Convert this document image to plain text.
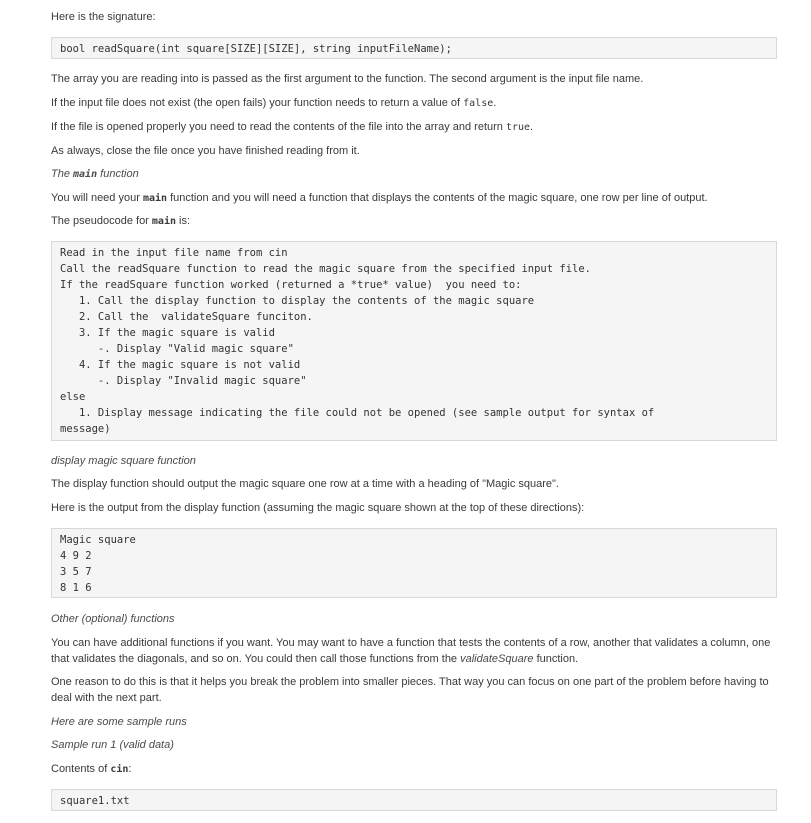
Here is the signature:

bool readSquare(int square[SIZE][SIZE], string inputFileName);

The array you are reading into is passed as the first argument to the function. The second argument is the input file name.

If the input file does not exist (the open fails) your function needs to return a value of false.

If the file is opened properly you need to read the contents of the file into the array and return true.

As always, close the file once you have finished reading from it.

The main function

You will need your main function and you will need a function that displays the contents of the magic square, one row per line of output.

The pseudocode for main is:

Read in the input file name from cin
Call the readSquare function to read the magic square from the specified input file.
If the readSquare function worked (returned a *true* value)  you need to:
1. Call the display function to display the contents of the magic square
2. Call the  validateSquare funciton.
3. If the magic square is valid
-. Display "Valid magic square"
4. If the magic square is not valid
-. Display "Invalid magic square"
else
1. Display message indicating the file could not be opened (see sample output for syntax of
message)

display magic square function

The display function should output the magic square one row at a time with a heading of "Magic square".

Here is the output from the display function (assuming the magic square shown at the top of these directions):

Magic square
4 9 2
3 5 7
8 1 6

Other (optional) functions

You can have additional functions if you want. You may want to have a function that tests the contents of a row, another that validates a column, one that validates the diagonals, and so on. You could then call those functions from the validateSquare function.

One reason to do this is that it helps you break the problem into smaller pieces. That way you can focus on one part of the problem before having to deal with the next part.

Here are some sample runs

Sample run 1 (valid data)

Contents of cin:

square1.txt
